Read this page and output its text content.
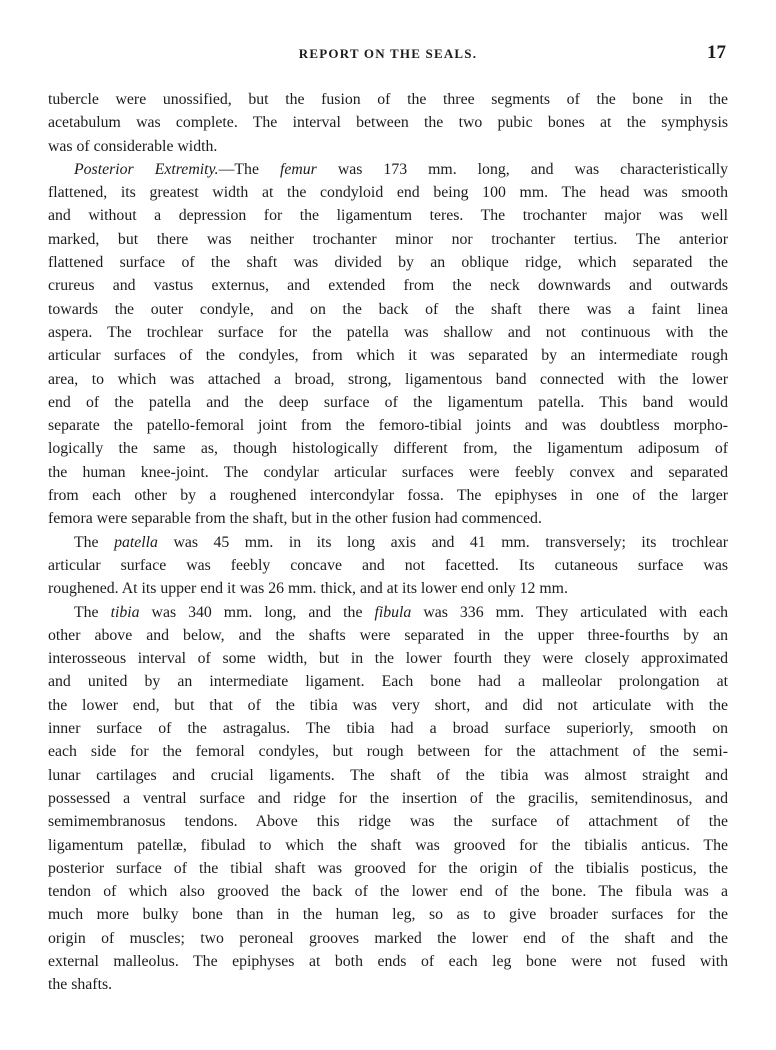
REPORT ON THE SEALS.	17
tubercle were unossified, but the fusion of the three segments of the bone in the
acetabulum was complete. The interval between the two pubic bones at the symphysis
was of considerable width.
Posterior Extremity.—The femur was 173 mm. long, and was characteristically
flattened, its greatest width at the condyloid end being 100 mm. The head was smooth
and without a depression for the ligamentum teres. The trochanter major was well
marked, but there was neither trochanter minor nor trochanter tertius. The anterior
flattened surface of the shaft was divided by an oblique ridge, which separated the
crureus and vastus externus, and extended from the neck downwards and outwards
towards the outer condyle, and on the back of the shaft there was a faint linea
aspera. The trochlear surface for the patella was shallow and not continuous with the
articular surfaces of the condyles, from which it was separated by an intermediate rough
area, to which was attached a broad, strong, ligamentous band connected with the lower
end of the patella and the deep surface of the ligamentum patella. This band would
separate the patello-femoral joint from the femoro-tibial joints and was doubtless morpho-
logically the same as, though histologically different from, the ligamentum adiposum of
the human knee-joint. The condylar articular surfaces were feebly convex and separated
from each other by a roughened intercondylar fossa. The epiphyses in one of the larger
femora were separable from the shaft, but in the other fusion had commenced.
The patella was 45 mm. in its long axis and 41 mm. transversely; its trochlear
articular surface was feebly concave and not facetted. Its cutaneous surface was
roughened. At its upper end it was 26 mm. thick, and at its lower end only 12 mm.
The tibia was 340 mm. long, and the fibula was 336 mm. They articulated with each
other above and below, and the shafts were separated in the upper three-fourths by an
interosseous interval of some width, but in the lower fourth they were closely approximated
and united by an intermediate ligament. Each bone had a malleolar prolongation at
the lower end, but that of the tibia was very short, and did not articulate with the
inner surface of the astragalus. The tibia had a broad surface superiorly, smooth on
each side for the femoral condyles, but rough between for the attachment of the semi-
lunar cartilages and crucial ligaments. The shaft of the tibia was almost straight and
possessed a ventral surface and ridge for the insertion of the gracilis, semitendinosus, and
semimembranosus tendons. Above this ridge was the surface of attachment of the
ligamentum patellæ, fibulad to which the shaft was grooved for the tibialis anticus. The
posterior surface of the tibial shaft was grooved for the origin of the tibialis posticus, the
tendon of which also grooved the back of the lower end of the bone. The fibula was a
much more bulky bone than in the human leg, so as to give broader surfaces for the
origin of muscles; two peroneal grooves marked the lower end of the shaft and the
external malleolus. The epiphyses at both ends of each leg bone were not fused with
the shafts.
